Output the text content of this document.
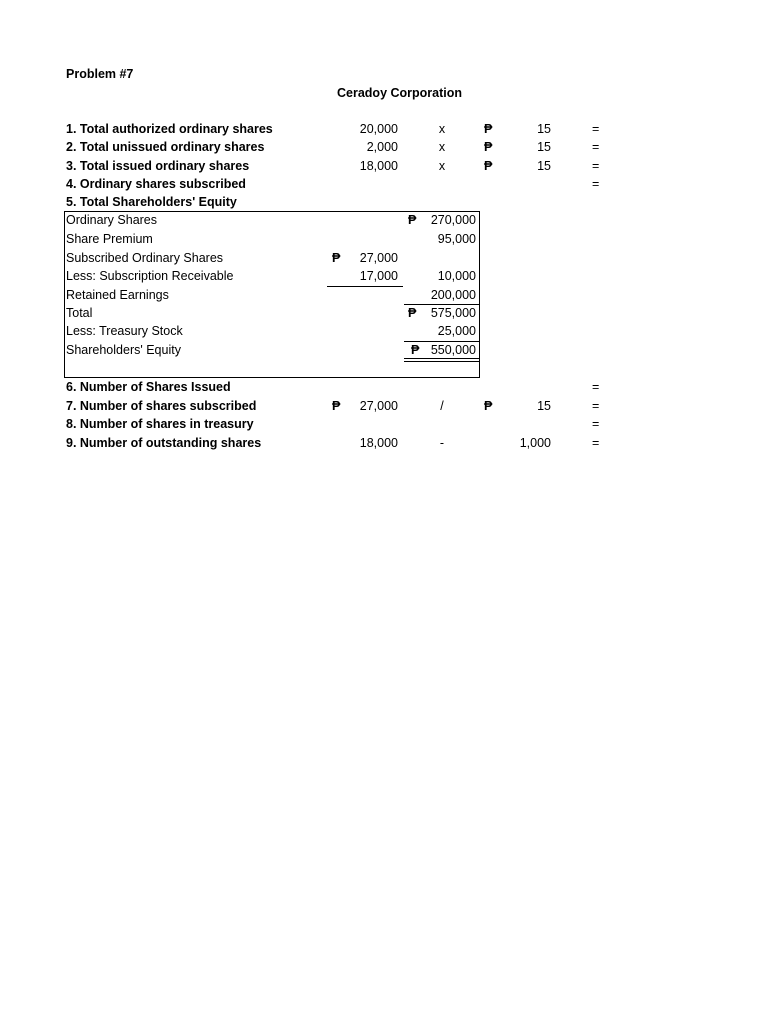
Problem #7
Ceradoy Corporation
1. Total authorized ordinary shares	20,000	x	₱	15	=
2. Total unissued ordinary shares	2,000	x	₱	15	=
3. Total issued ordinary shares	18,000	x	₱	15	=
4. Ordinary shares subscribed	=
5. Total Shareholders' Equity
Ordinary Shares	₱	270,000
Share Premium	95,000
Subscribed Ordinary Shares	₱	27,000
Less: Subscription Receivable	17,000	10,000
Retained Earnings	200,000
Total	₱	575,000
Less: Treasury Stock	25,000
Shareholders' Equity	₱ 550,000
6. Number of Shares Issued	=
7. Number of shares subscribed	₱	27,000	/	₱	15	=
8. Number of shares in treasury	=
9. Number of outstanding shares	18,000	-	1,000	=
